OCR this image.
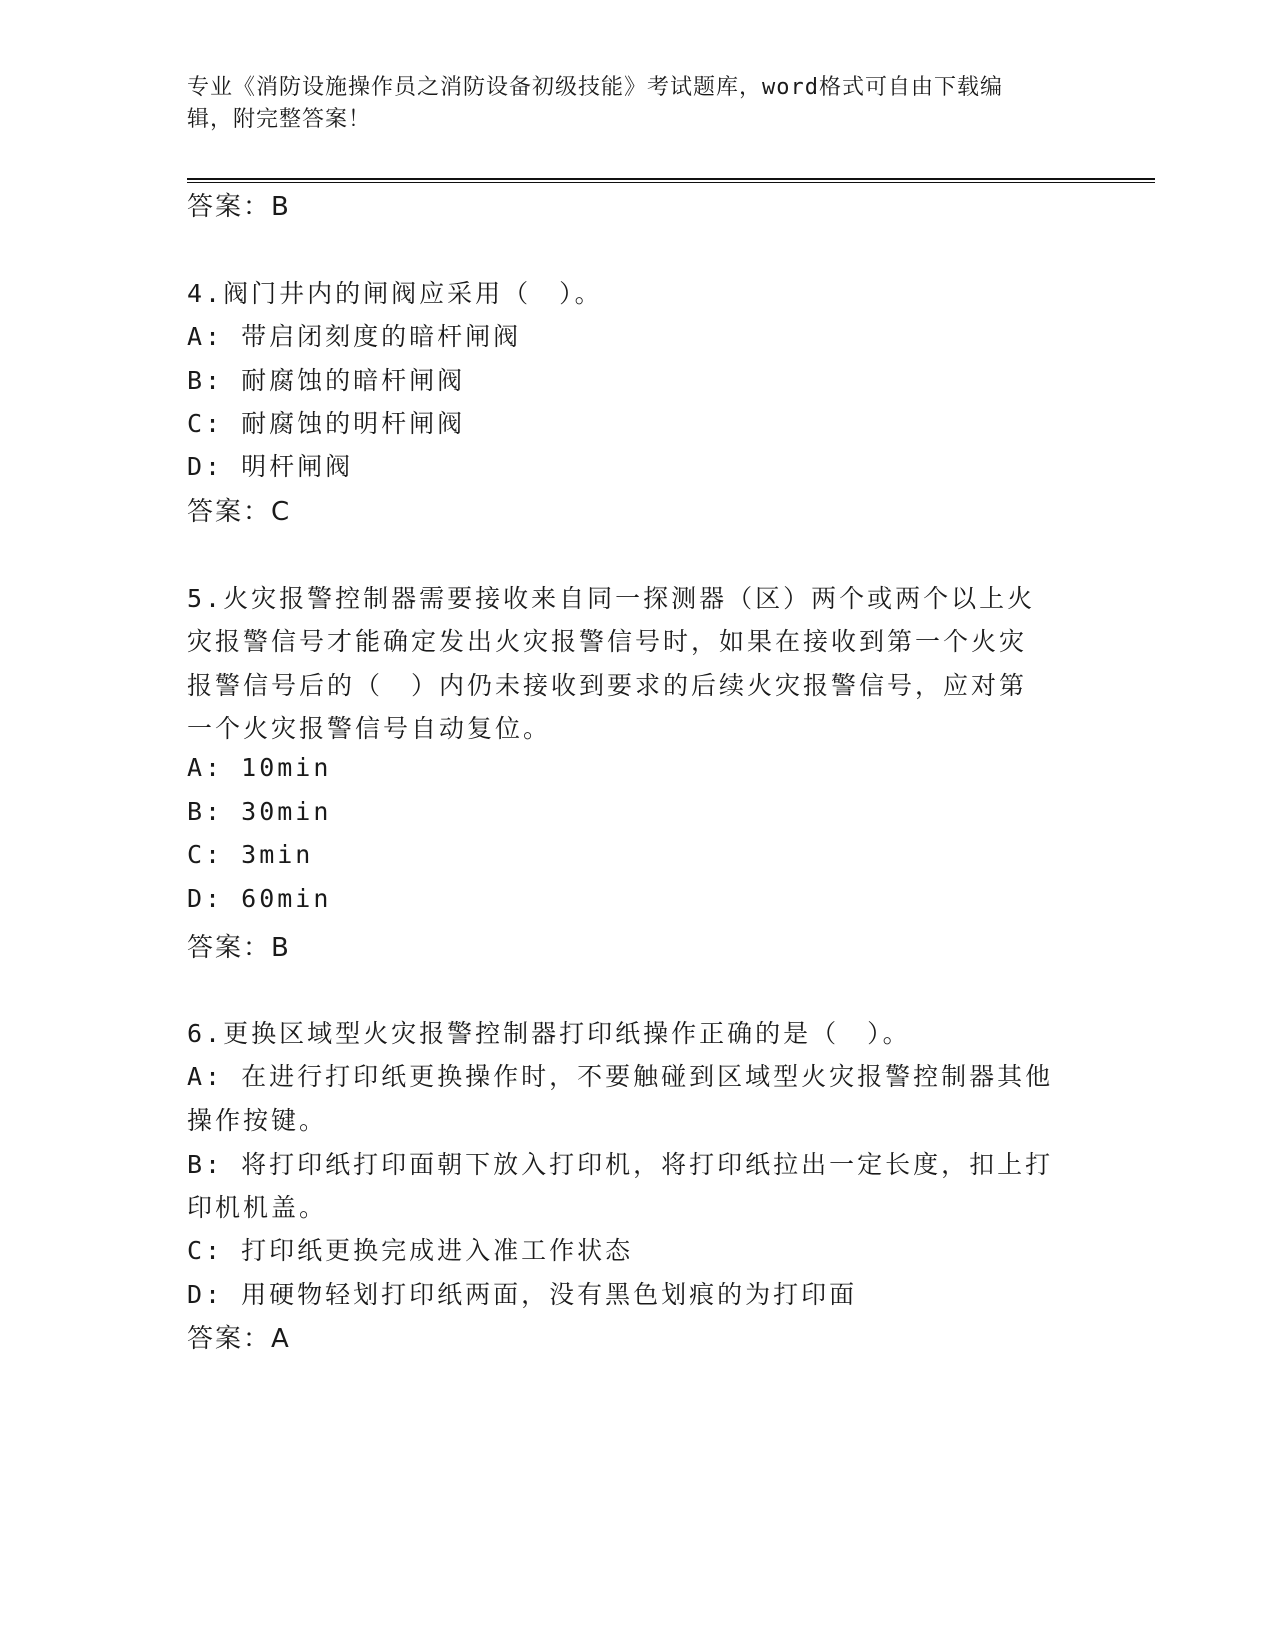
专业《消防设施操作员之消防设备初级技能》考试题库，word格式可自由下载编
辑，附完整答案！
答案：B
4.阀门井内的闸阀应采用（　）。
A: 带启闭刻度的暗杆闸阀
B: 耐腐蚀的暗杆闸阀
C: 耐腐蚀的明杆闸阀
D: 明杆闸阀
答案：C
5.火灾报警控制器需要接收来自同一探测器（区）两个或两个以上火
灾报警信号才能确定发出火灾报警信号时，如果在接收到第一个火灾
报警信号后的（　）内仍未接收到要求的后续火灾报警信号，应对第
一个火灾报警信号自动复位。
A: 10min
B: 30min
C: 3min
D: 60min
答案：B
6.更换区域型火灾报警控制器打印纸操作正确的是（　）。
A: 在进行打印纸更换操作时，不要触碰到区域型火灾报警控制器其他
操作按键。
B: 将打印纸打印面朝下放入打印机，将打印纸拉出一定长度，扣上打
印机机盖。
C: 打印纸更换完成进入准工作状态
D: 用硬物轻划打印纸两面，没有黑色划痕的为打印面
答案：A
